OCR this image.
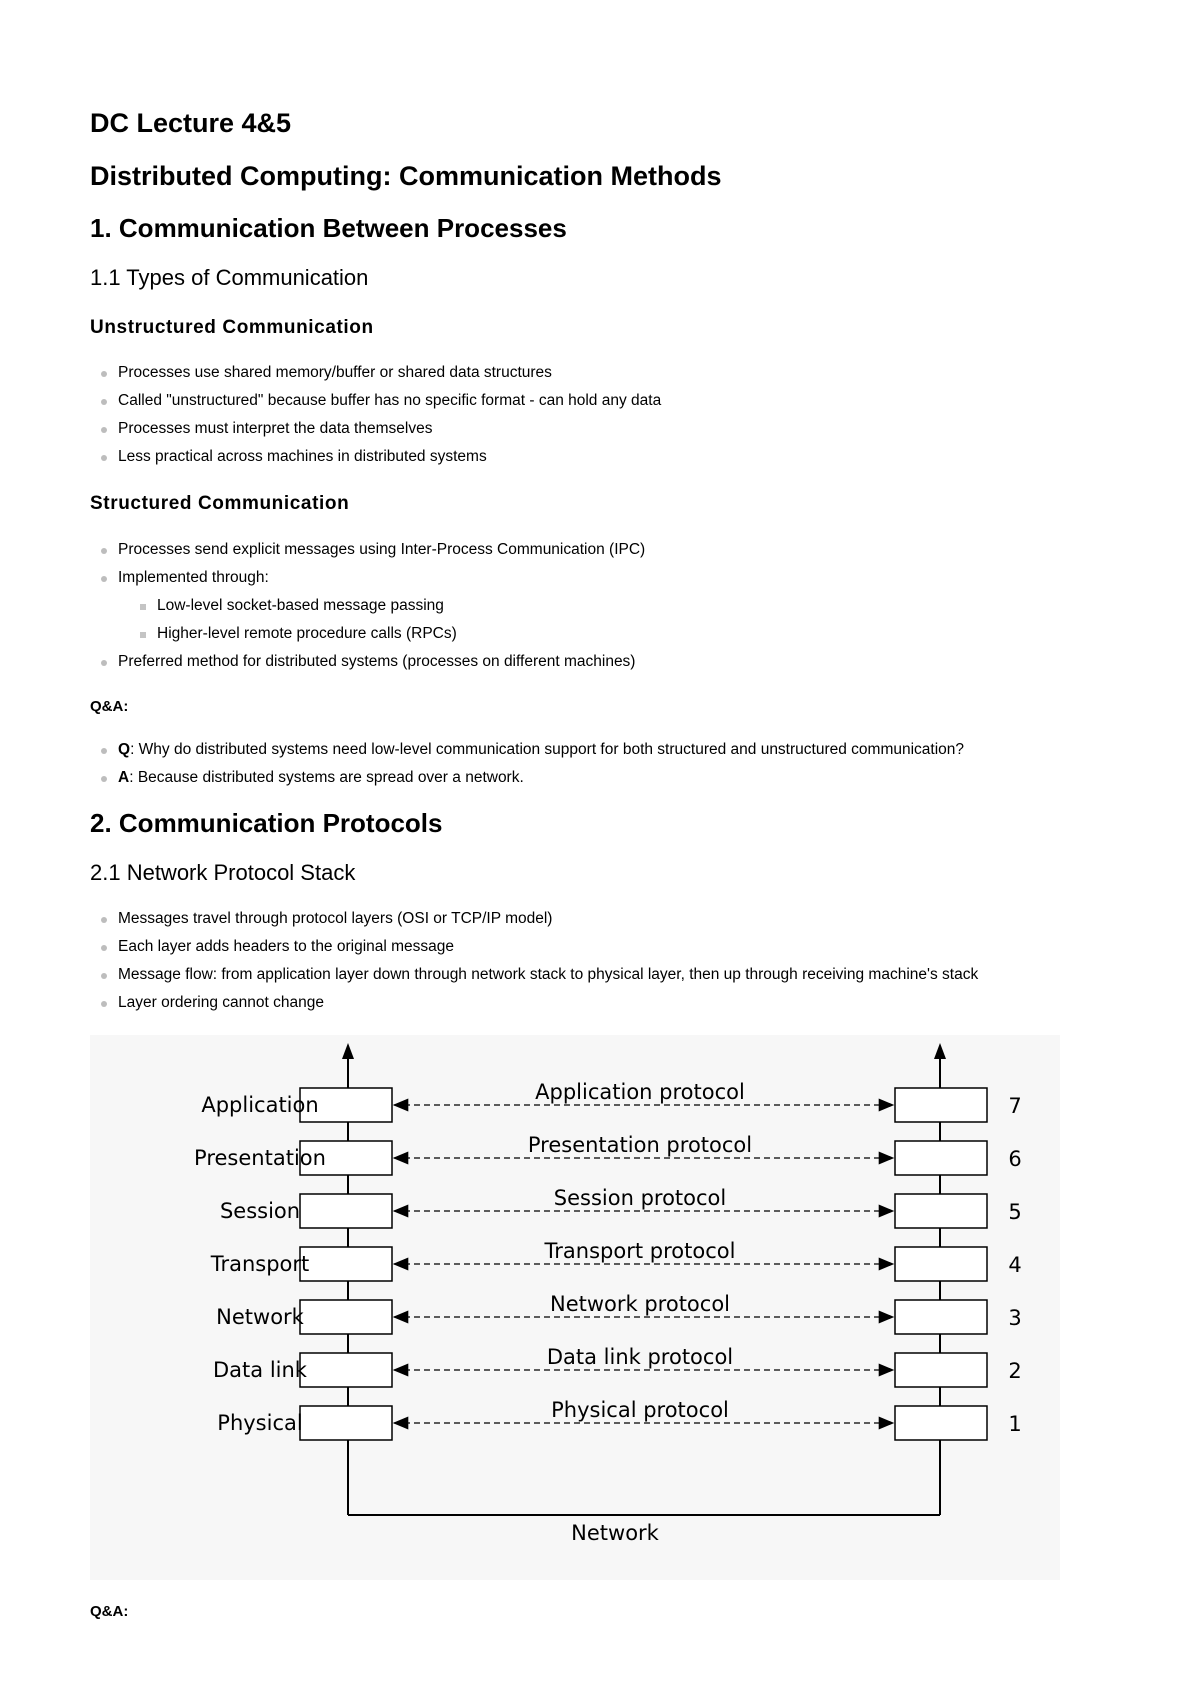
DC Lecture 4&5
Distributed Computing: Communication Methods
1. Communication Between Processes
1.1 Types of Communication
Unstructured Communication
Processes use shared memory/buffer or shared data structures
Called "unstructured" because buffer has no specific format - can hold any data
Processes must interpret the data themselves
Less practical across machines in distributed systems
Structured Communication
Processes send explicit messages using Inter-Process Communication (IPC)
Implemented through:
Low-level socket-based message passing
Higher-level remote procedure calls (RPCs)
Preferred method for distributed systems (processes on different machines)
Q&A:
Q: Why do distributed systems need low-level communication support for both structured and unstructured communication?
A: Because distributed systems are spread over a network.
2. Communication Protocols
2.1 Network Protocol Stack
Messages travel through protocol layers (OSI or TCP/IP model)
Each layer adds headers to the original message
Message flow: from application layer down through network stack to physical layer, then up through receiving machine's stack
Layer ordering cannot change
Q&A:
Application
Application protocol
7
Presentation
Presentation protocol
6
Session
Session protocol
5
Transport
Transport protocol
4
Network
Network protocol
3
Data link
Data link protocol
2
Physical
Physical protocol
1
Network
